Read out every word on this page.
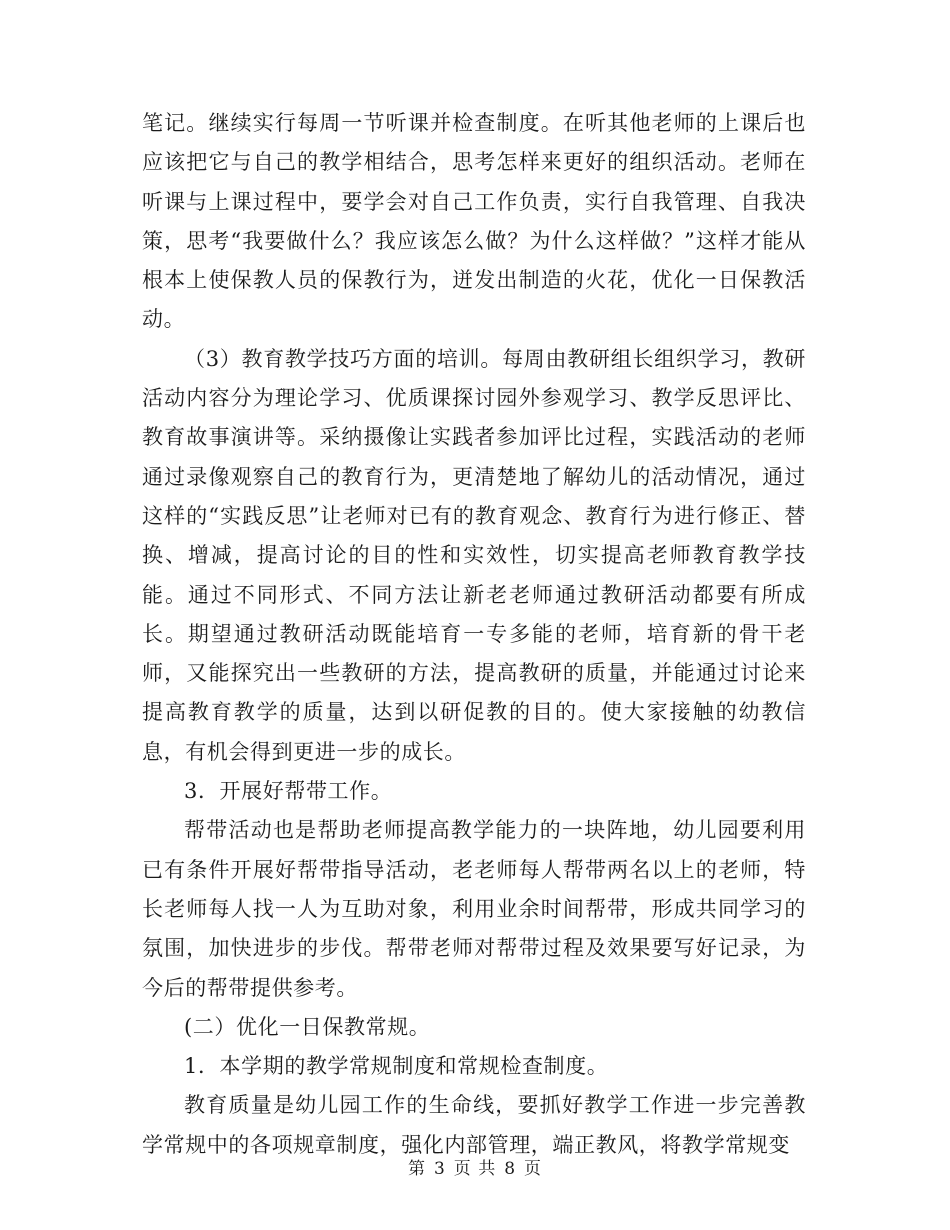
笔记。继续实行每周一节听课并检查制度。在听其他老师的上课后也应该把它与自己的教学相结合，思考怎样来更好的组织活动。老师在听课与上课过程中，要学会对自己工作负责，实行自我管理、自我决策，思考“我要做什么？我应该怎么做？为什么这样做？”这样才能从根本上使保教人员的保教行为，迸发出制造的火花，优化一日保教活动。

（3）教育教学技巧方面的培训。每周由教研组长组织学习，教研活动内容分为理论学习、优质课探讨园外参观学习、教学反思评比、教育故事演讲等。采纳摄像让实践者参加评比过程，实践活动的老师通过录像观察自己的教育行为，更清楚地了解幼儿的活动情况，通过这样的“实践反思”让老师对已有的教育观念、教育行为进行修正、替换、增减，提高讨论的目的性和实效性，切实提高老师教育教学技能。通过不同形式、不同方法让新老老师通过教研活动都要有所成长。期望通过教研活动既能培育一专多能的老师，培育新的骨干老师，又能探究出一些教研的方法，提高教研的质量，并能通过讨论来提高教育教学的质量，达到以研促教的目的。使大家接触的幼教信息，有机会得到更进一步的成长。

3．开展好帮带工作。

帮带活动也是帮助老师提高教学能力的一块阵地，幼儿园要利用已有条件开展好帮带指导活动，老老师每人帮带两名以上的老师，特长老师每人找一人为互助对象，利用业余时间帮带，形成共同学习的氛围，加快进步的步伐。帮带老师对帮带过程及效果要写好记录，为今后的帮带提供参考。

(二）优化一日保教常规。

1．本学期的教学常规制度和常规检查制度。

教育质量是幼儿园工作的生命线，要抓好教学工作进一步完善教学常规中的各项规章制度，强化内部管理，端正教风，将教学常规变

第 3 页 共 8 页
